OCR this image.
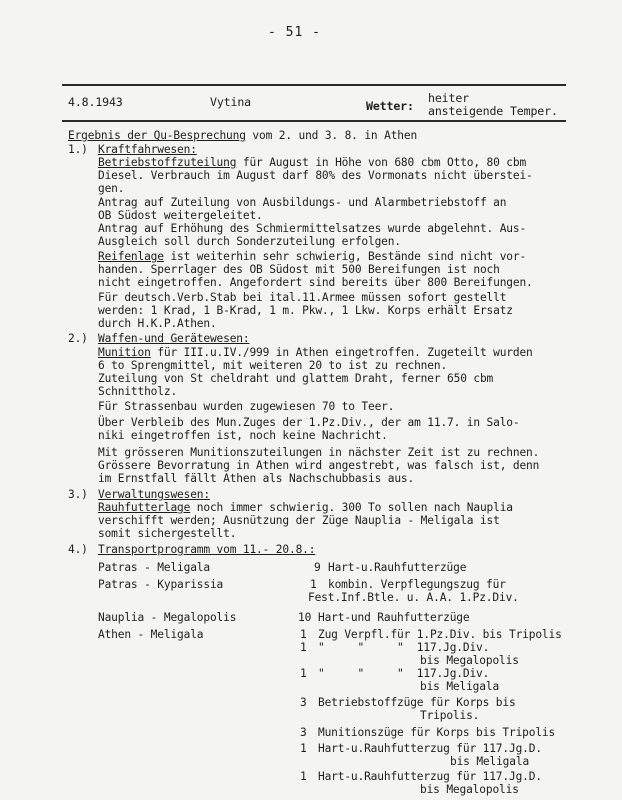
- 51 -
4.8.1943	Vytina	Wetter:
heiter
ansteigende Temper.
Ergebnis der Qu-Besprechung vom 2. und 3. 8. in Athen
1.) Kraftfahrwesen:
Betriebstoffzuteilung für August in Höhe von 680 cbm Otto, 80 cbm
Diesel. Verbrauch im August darf 80% des Vormonats nicht überstei-
gen.
Antrag auf Zuteilung von Ausbildungs- und Alarmbetriebstoff an
OB Südost weitergeleitet.
Antrag auf Erhöhung des Schmiermittelsatzes wurde abgelehnt. Aus-
Ausgleich soll durch Sonderzuteilung erfolgen.
Reifenlage ist weiterhin sehr schwierig, Bestände sind nicht vor-
handen. Sperrlager des OB Südost mit 500 Bereifungen ist noch
nicht eingetroffen. Angefordert sind bereits über 800 Bereifungen.
Für deutsch.Verb.Stab bei ital.11.Armee müssen sofort gestellt
werden: 1 Krad, 1 B-Krad, 1 m. Pkw., 1 Lkw. Korps erhält Ersatz
durch H.K.P.Athen.
2.) Waffen-und Gerätewesen:
Munition für III.u.IV./999 in Athen eingetroffen. Zugeteilt wurden
6 to Sprengmittel, mit weiteren 20 to ist zu rechnen.
Zuteilung von St cheldraht und glattem Draht, ferner 650 cbm
Schnittholz.
Für Strassenbau wurden zugewiesen 70 to Teer.
Über Verbleib des Mun.Zuges der 1.Pz.Div., der am 11.7. in Salo-
niki eingetroffen ist, noch keine Nachricht.
Mit grösseren Munitionszuteilungen in nächster Zeit ist zu rechnen.
Grössere Bevorratung in Athen wird angestrebt, was falsch ist, denn
im Ernstfall fällt Athen als Nachschubbasis aus.
3.) Verwaltungswesen:
Rauhfutterlage noch immer schwierig. 300 To sollen nach Nauplia
verschifft werden; Ausnützung der Züge Nauplia - Meligala ist
somit sichergestellt.
4.) Transportprogramm vom 11.- 20.8.:
Patras - Meligala	9 Hart-u.Rauhfutterzüge
Patras - Kyparissia	1 kombin. Verpflegungszug für
Fest.Inf.Btle. u. A.A. 1.Pz.Div.
Nauplia - Megalopolis	10 Hart-und Rauhfutterzüge
Athen - Meligala	1 Zug Verpfl.für 1.Pz.Div. bis Tripolis
1 "     "     "  117.Jg.Div.
bis Megalopolis
1 "     "     "  117.Jg.Div.
bis Meligala
3 Betriebstoffzüge für Korps bis
Tripolis.
3 Munitionszüge für Korps bis Tripolis
1 Hart-u.Rauhfutterzug für 117.Jg.D.
bis Meligala
1 Hart-u.Rauhfutterzug für 117.Jg.D.
bis Megalopolis
